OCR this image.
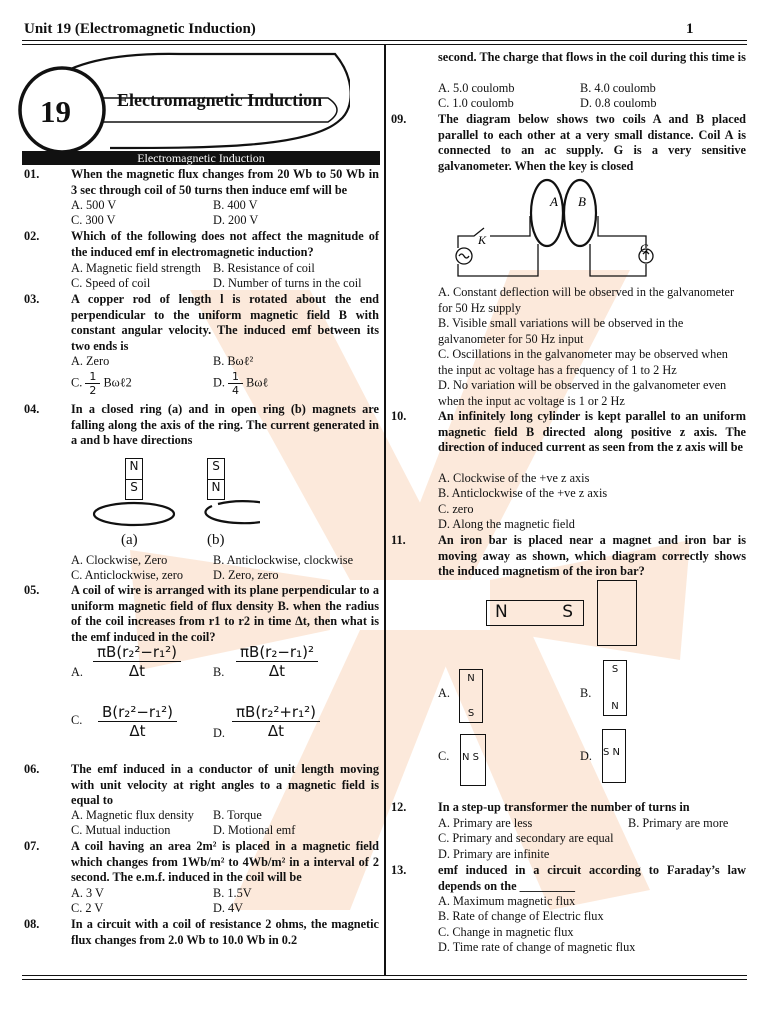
Unit 19 (Electromagnetic Induction)	1
19	Electromagnetic Induction
Electromagnetic Induction
01.	When the magnetic flux changes from 20 Wb to 50 Wb in 3 sec through coil of 50 turns then induce emf will be
A. 500 V	B. 400 V
C. 300 V	D. 200 V
02.	Which of the following does not affect the magnitude of the induced emf in electromagnetic induction?
A. Magnetic field strength B. Resistance of coil
C. Speed of coil	D. Number of turns in the coil
03.	A copper rod of length l is rotated about the end perpendicular to the uniform magnetic field B with constant angular velocity. The induced emf between its two ends is
A. Zero	B. Bωℓ²
C. $\frac{1}{2}$ Bωℓ2	D. $\frac{1}{4}$ Bωℓ
04.	In a closed ring (a) and in open ring (b) magnets are falling along the axis of the ring. The current generated in a and b have directions
N
S
S
N
(a)	(b)
A. Clockwise, Zero	B. Anticlockwise, clockwise
C. Anticlockwise, zero D. Zero, zero
05.	A coil of wire is arranged with its plane perpendicular to a uniform magnetic field of flux density B. when the radius of the coil increases from r1 to r2 in time Δt, then what is the emf induced in the coil?
A. $\frac{\text{πB(r₂²−r₁²)}}{\Delta t}$	B. $\frac{\text{πB(r₂−r₁)²}}{\Delta t}$
C. $\frac{\text{B(r₂²−r₁²)}}{\Delta t}$	D. $\frac{\text{πB(r₂²+r₁²)}}{\Delta t}$
06.	The emf induced in a conductor of unit length moving with unit velocity at right angles to a magnetic field is equal to
A. Magnetic flux density B. Torque
C. Mutual induction	D. Motional emf
07.	A coil having an area 2m² is placed in a magnetic field which changes from 1Wb/m² to 4Wb/m² in a interval of 2 second. The e.m.f. induced in the coil will be
A. 3 V	B. 1.5V
C. 2 V	D. 4V
08.	In a circuit with a coil of resistance 2 ohms, the magnetic flux changes from 2.0 Wb to 10.0 Wb in 0.2
second. The charge that flows in the coil during this time is
A. 5.0 coulomb	B. 4.0 coulomb
C. 1.0 coulomb	D. 0.8 coulomb
09.	The diagram below shows two coils A and B placed parallel to each other at a very small distance. Coil A is connected to an ac supply. G is a very sensitive galvanometer. When the key is closed
A B
K
G
A. Constant deflection will be observed in the galvanometer for 50 Hz supply
B. Visible small variations will be observed in the galvanometer for 50 Hz input
C. Oscillations in the galvanometer may be observed when the input ac voltage has a frequency of 1 to 2 Hz
D. No variation will be observed in the galvanometer even when the input ac voltage is 1 or 2 Hz
10.	An infinitely long cylinder is kept parallel to an uniform magnetic field B directed along positive z axis. The direction of induced current as seen from the z axis will be
A. Clockwise of the +ve z axis
B. Anticlockwise of the +ve z axis
C. zero
D. Along the magnetic field
11.	An iron bar is placed near a magnet and iron bar is moving away as shown, which diagram correctly shows the induced magnetism of the iron bar?
N	S
A.
N
S
B.
S
N
C. N S	D. S N
12.	In a step-up transformer the number of turns in
A. Primary are less	B. Primary are more
C. Primary and secondary are equal
D. Primary are infinite
13.	emf induced in a circuit according to Faraday’s law depends on the _________
A. Maximum magnetic flux
B. Rate of change of Electric flux
C. Change in magnetic flux
D. Time rate of change of magnetic flux
